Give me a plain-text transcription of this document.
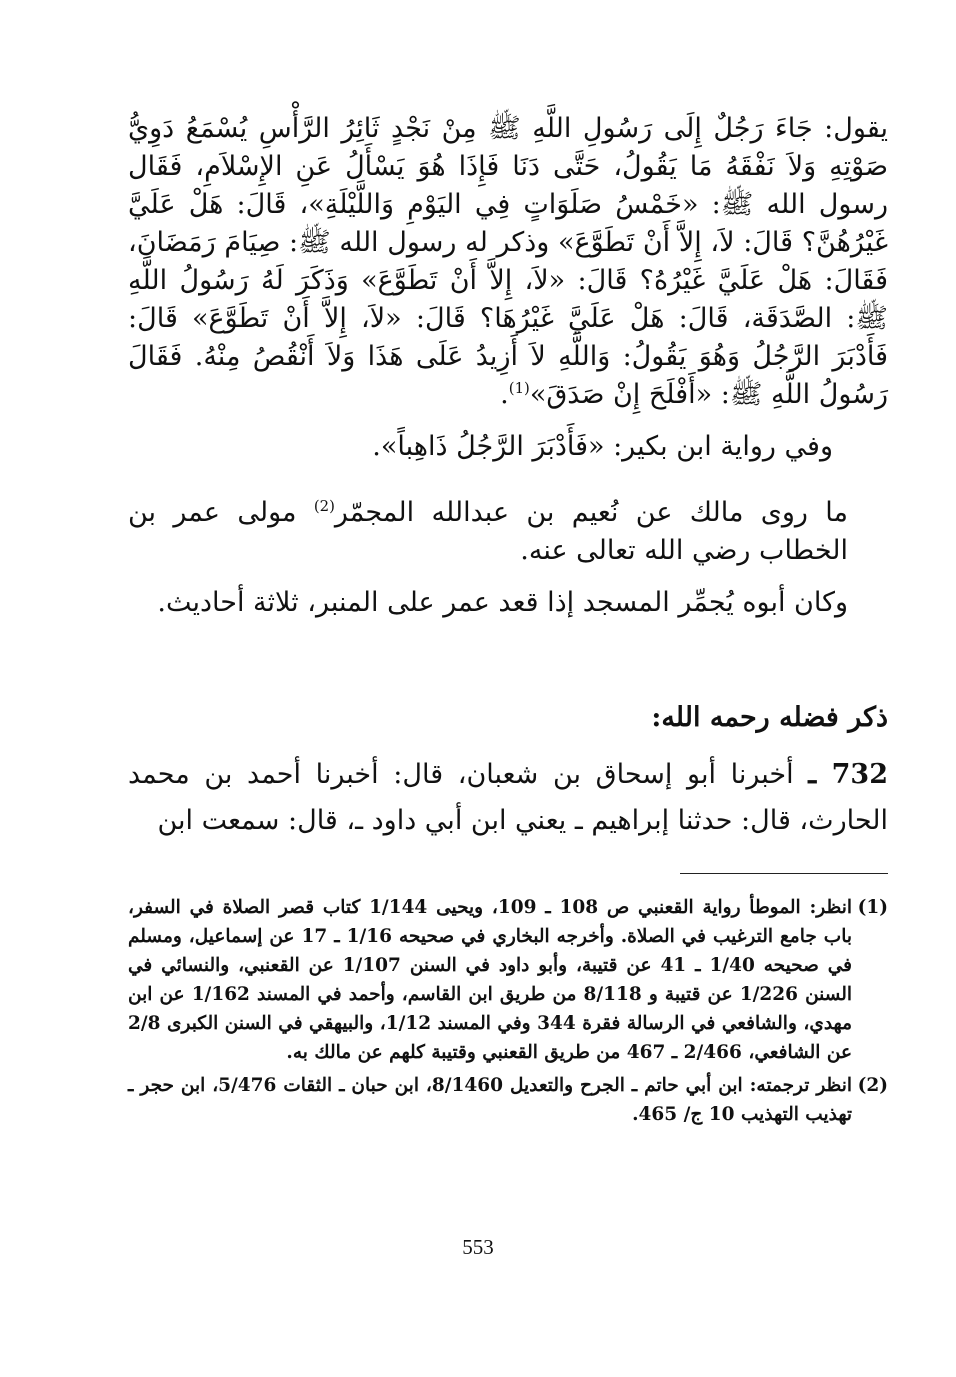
يقول: جَاءَ رَجُلٌ إِلَى رَسُولِ اللَّهِ ﷺ مِنْ نَجْدٍ ثَائِرُ الرَّأْسِ يُسْمَعُ دَوِيُّ صَوْتِهِ وَلاَ نَفْقَهُ مَا يَقُولُ، حَتَّى دَنَا فَإِذَا هُوَ يَسْأَلُ عَنِ الإِسْلاَمِ، فَقَال رسول الله ﷺ: «خَمْسُ صَلَوَاتٍ فِي اليَوْمِ وَاللَّيْلَةِ»، قَالَ: هَلْ عَلَيَّ غَيْرُهُنَّ؟ قَالَ: لاَ، إِلاَّ أَنْ تَطَوَّعَ» وذكر له رسول الله ﷺ: صِيَامَ رَمَضَانَ، فَقَالَ: هَلْ عَلَيَّ غَيْرُهُ؟ قَالَ: «لاَ، إِلاَّ أَنْ تَطَوَّعَ» وَذَكَرَ لَهُ رَسُولُ اللَّهِ ﷺ: الصَّدَقَة، قَالَ: هَلْ عَلَيَّ غَيْرُهَا؟ قَالَ: «لاَ، إِلاَّ أَنْ تَطَوَّعَ» قَالَ: فَأَدْبَرَ الرَّجُلُ وَهُوَ يَقُولُ: وَاللَّهِ لاَ أَزِيدُ عَلَى هَذَا وَلاَ أَنْقُصُ مِنْهُ. فَقَالَ رَسُولُ اللَّهِ ﷺ: «أَفْلَحَ إِنْ صَدَقَ»$^{(1)}$.

وفي رواية ابن بكير: «فَأَدْبَرَ الرَّجُلُ ذَاهِباً».

ما روى مالك عن نُعيم بن عبدالله المجمّر$^{(2)}$ مولى عمر بن الخطاب رضي الله تعالى عنه.

وكان أبوه يُجمِّر المسجد إذا قعد عمر على المنبر، ثلاثة أحاديث.

ذكر فضله رحمه الله:

732 ـ أخبرنا أبو إسحاق بن شعبان، قال: أخبرنا أحمد بن محمد الحارث، قال: حدثنا إبراهيم ـ يعني ابن أبي داود ـ، قال: سمعت ابن

(1)
انظر: الموطأ رواية القعنبي ص 108 ـ 109، ويحيى 1/144 كتاب قصر الصلاة في السفر، باب جامع الترغيب في الصلاة. وأخرجه البخاري في صحيحه 1/16 ـ 17 عن إسماعيل، ومسلم في صحيحه 1/40 ـ 41 عن قتيبة، وأبو داود في السنن 1/107 عن القعنبي، والنسائي في السنن 1/226 عن قتيبة و 8/118 من طريق ابن القاسم، وأحمد في المسند 1/162 عن ابن مهدي، والشافعي في الرسالة فقرة 344 وفي المسند 1/12، والبيهقي في السنن الكبرى 2/8 عن الشافعي، 2/466 ـ 467 من طريق القعنبي وقتيبة كلهم عن مالك به.
(2)
انظر ترجمته: ابن أبي حاتم ـ الجرح والتعديل 8/1460، ابن حبان ـ الثقات 5/476، ابن حجر ـ تهذيب التهذيب 10 ج/ 465.
553
